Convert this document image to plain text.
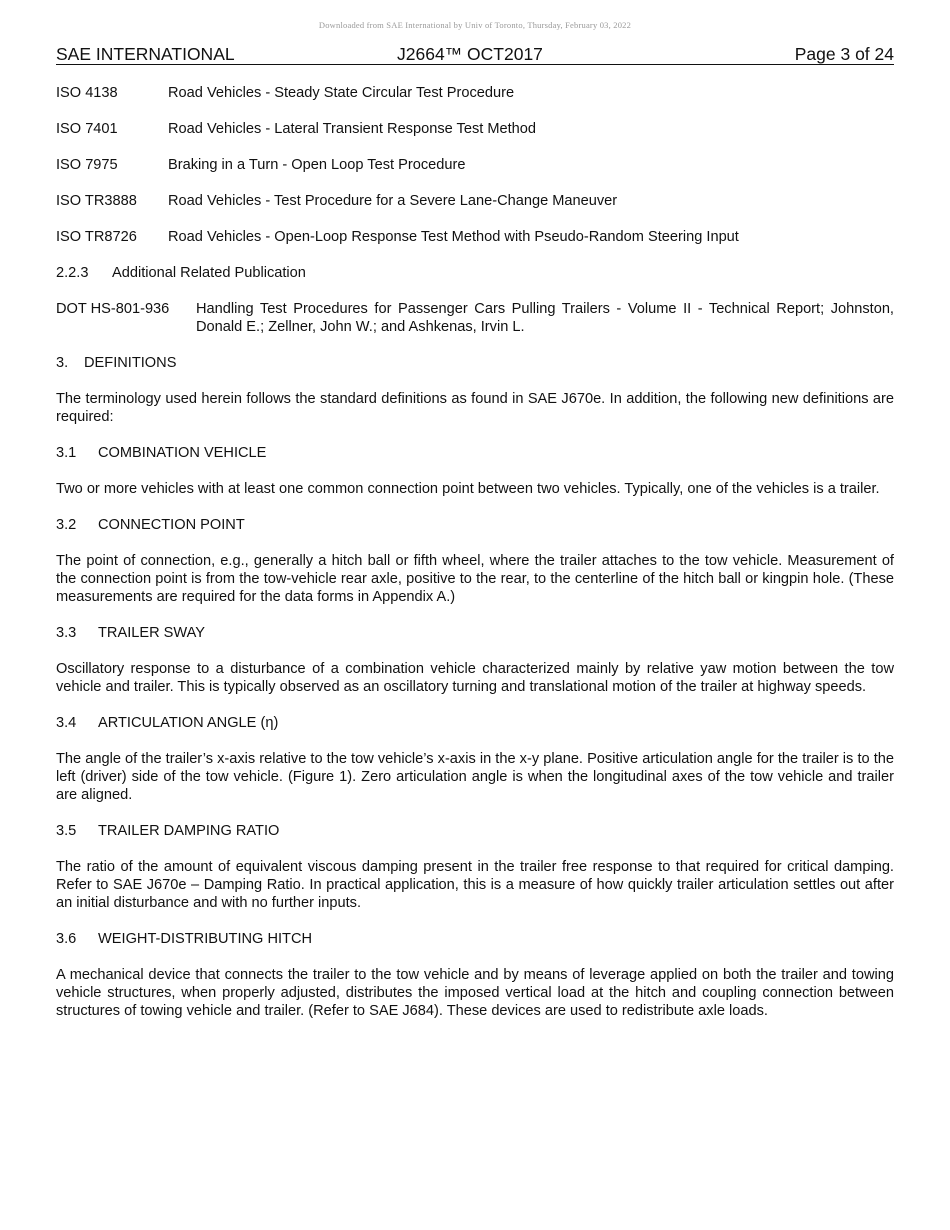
Downloaded from SAE International by Univ of Toronto, Thursday, February 03, 2022
SAE INTERNATIONAL	J2664™ OCT2017	Page 3 of 24
ISO 4138	Road Vehicles - Steady State Circular Test Procedure
ISO 7401	Road Vehicles - Lateral Transient Response Test Method
ISO 7975	Braking in a Turn - Open Loop Test Procedure
ISO TR3888	Road Vehicles - Test Procedure for a Severe Lane-Change Maneuver
ISO TR8726	Road Vehicles - Open-Loop Response Test Method with Pseudo-Random Steering Input
2.2.3 Additional Related Publication
DOT HS-801-936	Handling Test Procedures for Passenger Cars Pulling Trailers - Volume II - Technical Report; Johnston, Donald E.; Zellner, John W.; and Ashkenas, Irvin L.
3. DEFINITIONS

The terminology used herein follows the standard definitions as found in SAE J670e. In addition, the following new definitions are required:

3.1 COMBINATION VEHICLE

Two or more vehicles with at least one common connection point between two vehicles. Typically, one of the vehicles is a trailer.

3.2 CONNECTION POINT

The point of connection, e.g., generally a hitch ball or fifth wheel, where the trailer attaches to the tow vehicle. Measurement of the connection point is from the tow-vehicle rear axle, positive to the rear, to the centerline of the hitch ball or kingpin hole. (These measurements are required for the data forms in Appendix A.)

3.3 TRAILER SWAY

Oscillatory response to a disturbance of a combination vehicle characterized mainly by relative yaw motion between the tow vehicle and trailer. This is typically observed as an oscillatory turning and translational motion of the trailer at highway speeds.

3.4 ARTICULATION ANGLE (η)

The angle of the trailer’s x-axis relative to the tow vehicle’s x-axis in the x-y plane. Positive articulation angle for the trailer is to the left (driver) side of the tow vehicle. (Figure 1). Zero articulation angle is when the longitudinal axes of the tow vehicle and trailer are aligned.

3.5 TRAILER DAMPING RATIO

The ratio of the amount of equivalent viscous damping present in the trailer free response to that required for critical damping. Refer to SAE J670e – Damping Ratio. In practical application, this is a measure of how quickly trailer articulation settles out after an initial disturbance and with no further inputs.

3.6 WEIGHT-DISTRIBUTING HITCH

A mechanical device that connects the trailer to the tow vehicle and by means of leverage applied on both the trailer and towing vehicle structures, when properly adjusted, distributes the imposed vertical load at the hitch and coupling connection between structures of towing vehicle and trailer. (Refer to SAE J684). These devices are used to redistribute axle loads.
